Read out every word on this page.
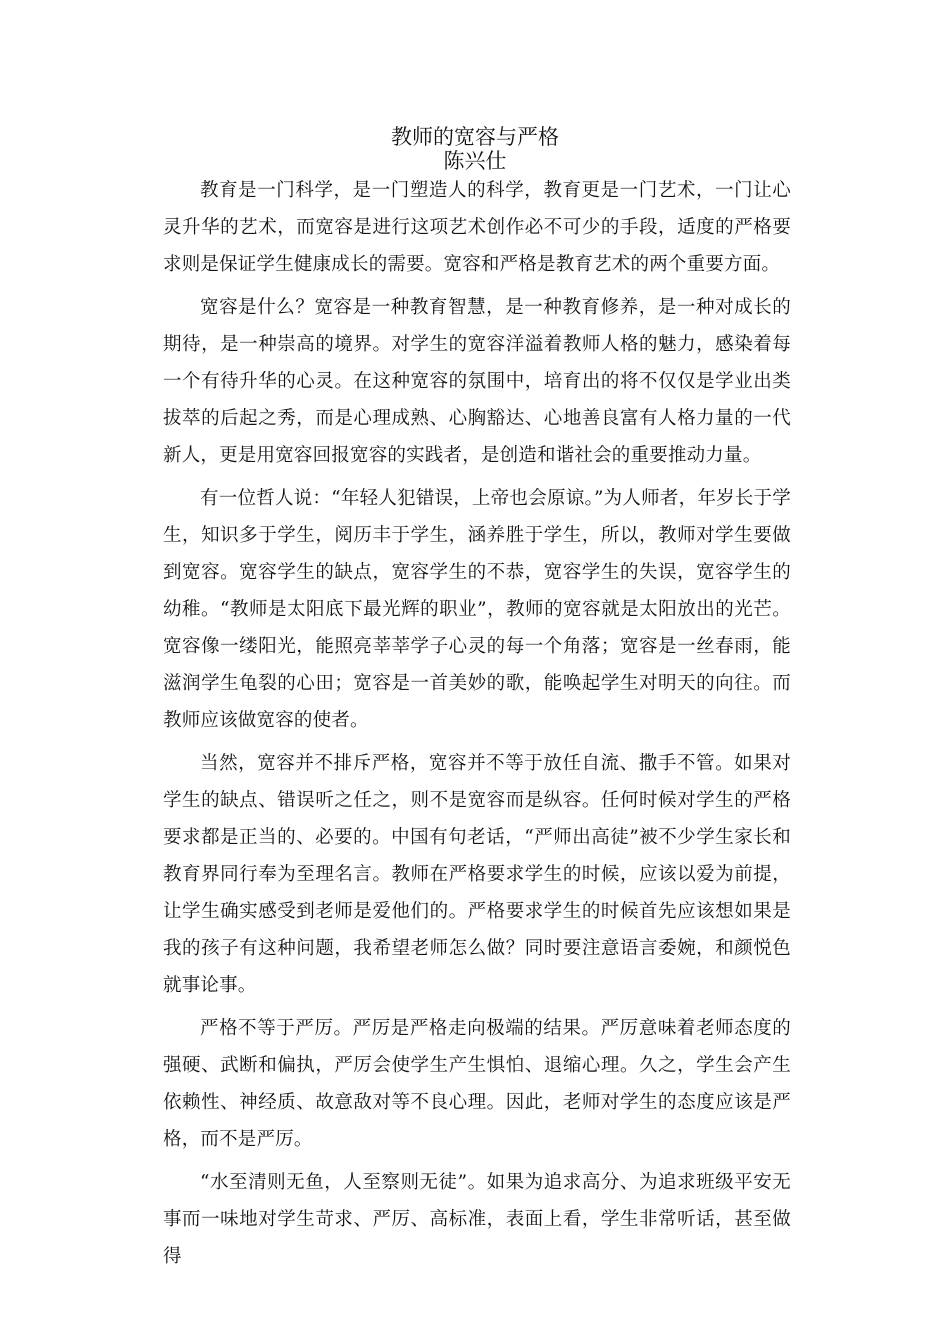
教师的宽容与严格
陈兴仕

教育是一门科学，是一门塑造人的科学，教育更是一门艺术，一门让心灵升华的艺术，而宽容是进行这项艺术创作必不可少的手段，适度的严格要求则是保证学生健康成长的需要。宽容和严格是教育艺术的两个重要方面。

宽容是什么？宽容是一种教育智慧，是一种教育修养，是一种对成长的期待，是一种崇高的境界。对学生的宽容洋溢着教师人格的魅力，感染着每一个有待升华的心灵。在这种宽容的氛围中，培育出的将不仅仅是学业出类拔萃的后起之秀，而是心理成熟、心胸豁达、心地善良富有人格力量的一代新人，更是用宽容回报宽容的实践者，是创造和谐社会的重要推动力量。

有一位哲人说：“年轻人犯错误，上帝也会原谅。”为人师者，年岁长于学生，知识多于学生，阅历丰于学生，涵养胜于学生，所以，教师对学生要做到宽容。宽容学生的缺点，宽容学生的不恭，宽容学生的失误，宽容学生的幼稚。“教师是太阳底下最光辉的职业”，教师的宽容就是太阳放出的光芒。宽容像一缕阳光，能照亮莘莘学子心灵的每一个角落；宽容是一丝春雨，能滋润学生龟裂的心田；宽容是一首美妙的歌，能唤起学生对明天的向往。而教师应该做宽容的使者。

当然，宽容并不排斥严格，宽容并不等于放任自流、撒手不管。如果对学生的缺点、错误听之任之，则不是宽容而是纵容。任何时候对学生的严格要求都是正当的、必要的。中国有句老话，“严师出高徒”被不少学生家长和教育界同行奉为至理名言。教师在严格要求学生的时候，应该以爱为前提，让学生确实感受到老师是爱他们的。严格要求学生的时候首先应该想如果是我的孩子有这种问题，我希望老师怎么做？同时要注意语言委婉，和颜悦色就事论事。

严格不等于严厉。严厉是严格走向极端的结果。严厉意味着老师态度的强硬、武断和偏执，严厉会使学生产生惧怕、退缩心理。久之，学生会产生依赖性、神经质、故意敌对等不良心理。因此，老师对学生的态度应该是严格，而不是严厉。

“水至清则无鱼，人至察则无徒”。如果为追求高分、为追求班级平安无事而一味地对学生苛求、严厉、高标准，表面上看，学生非常听话，甚至做得
